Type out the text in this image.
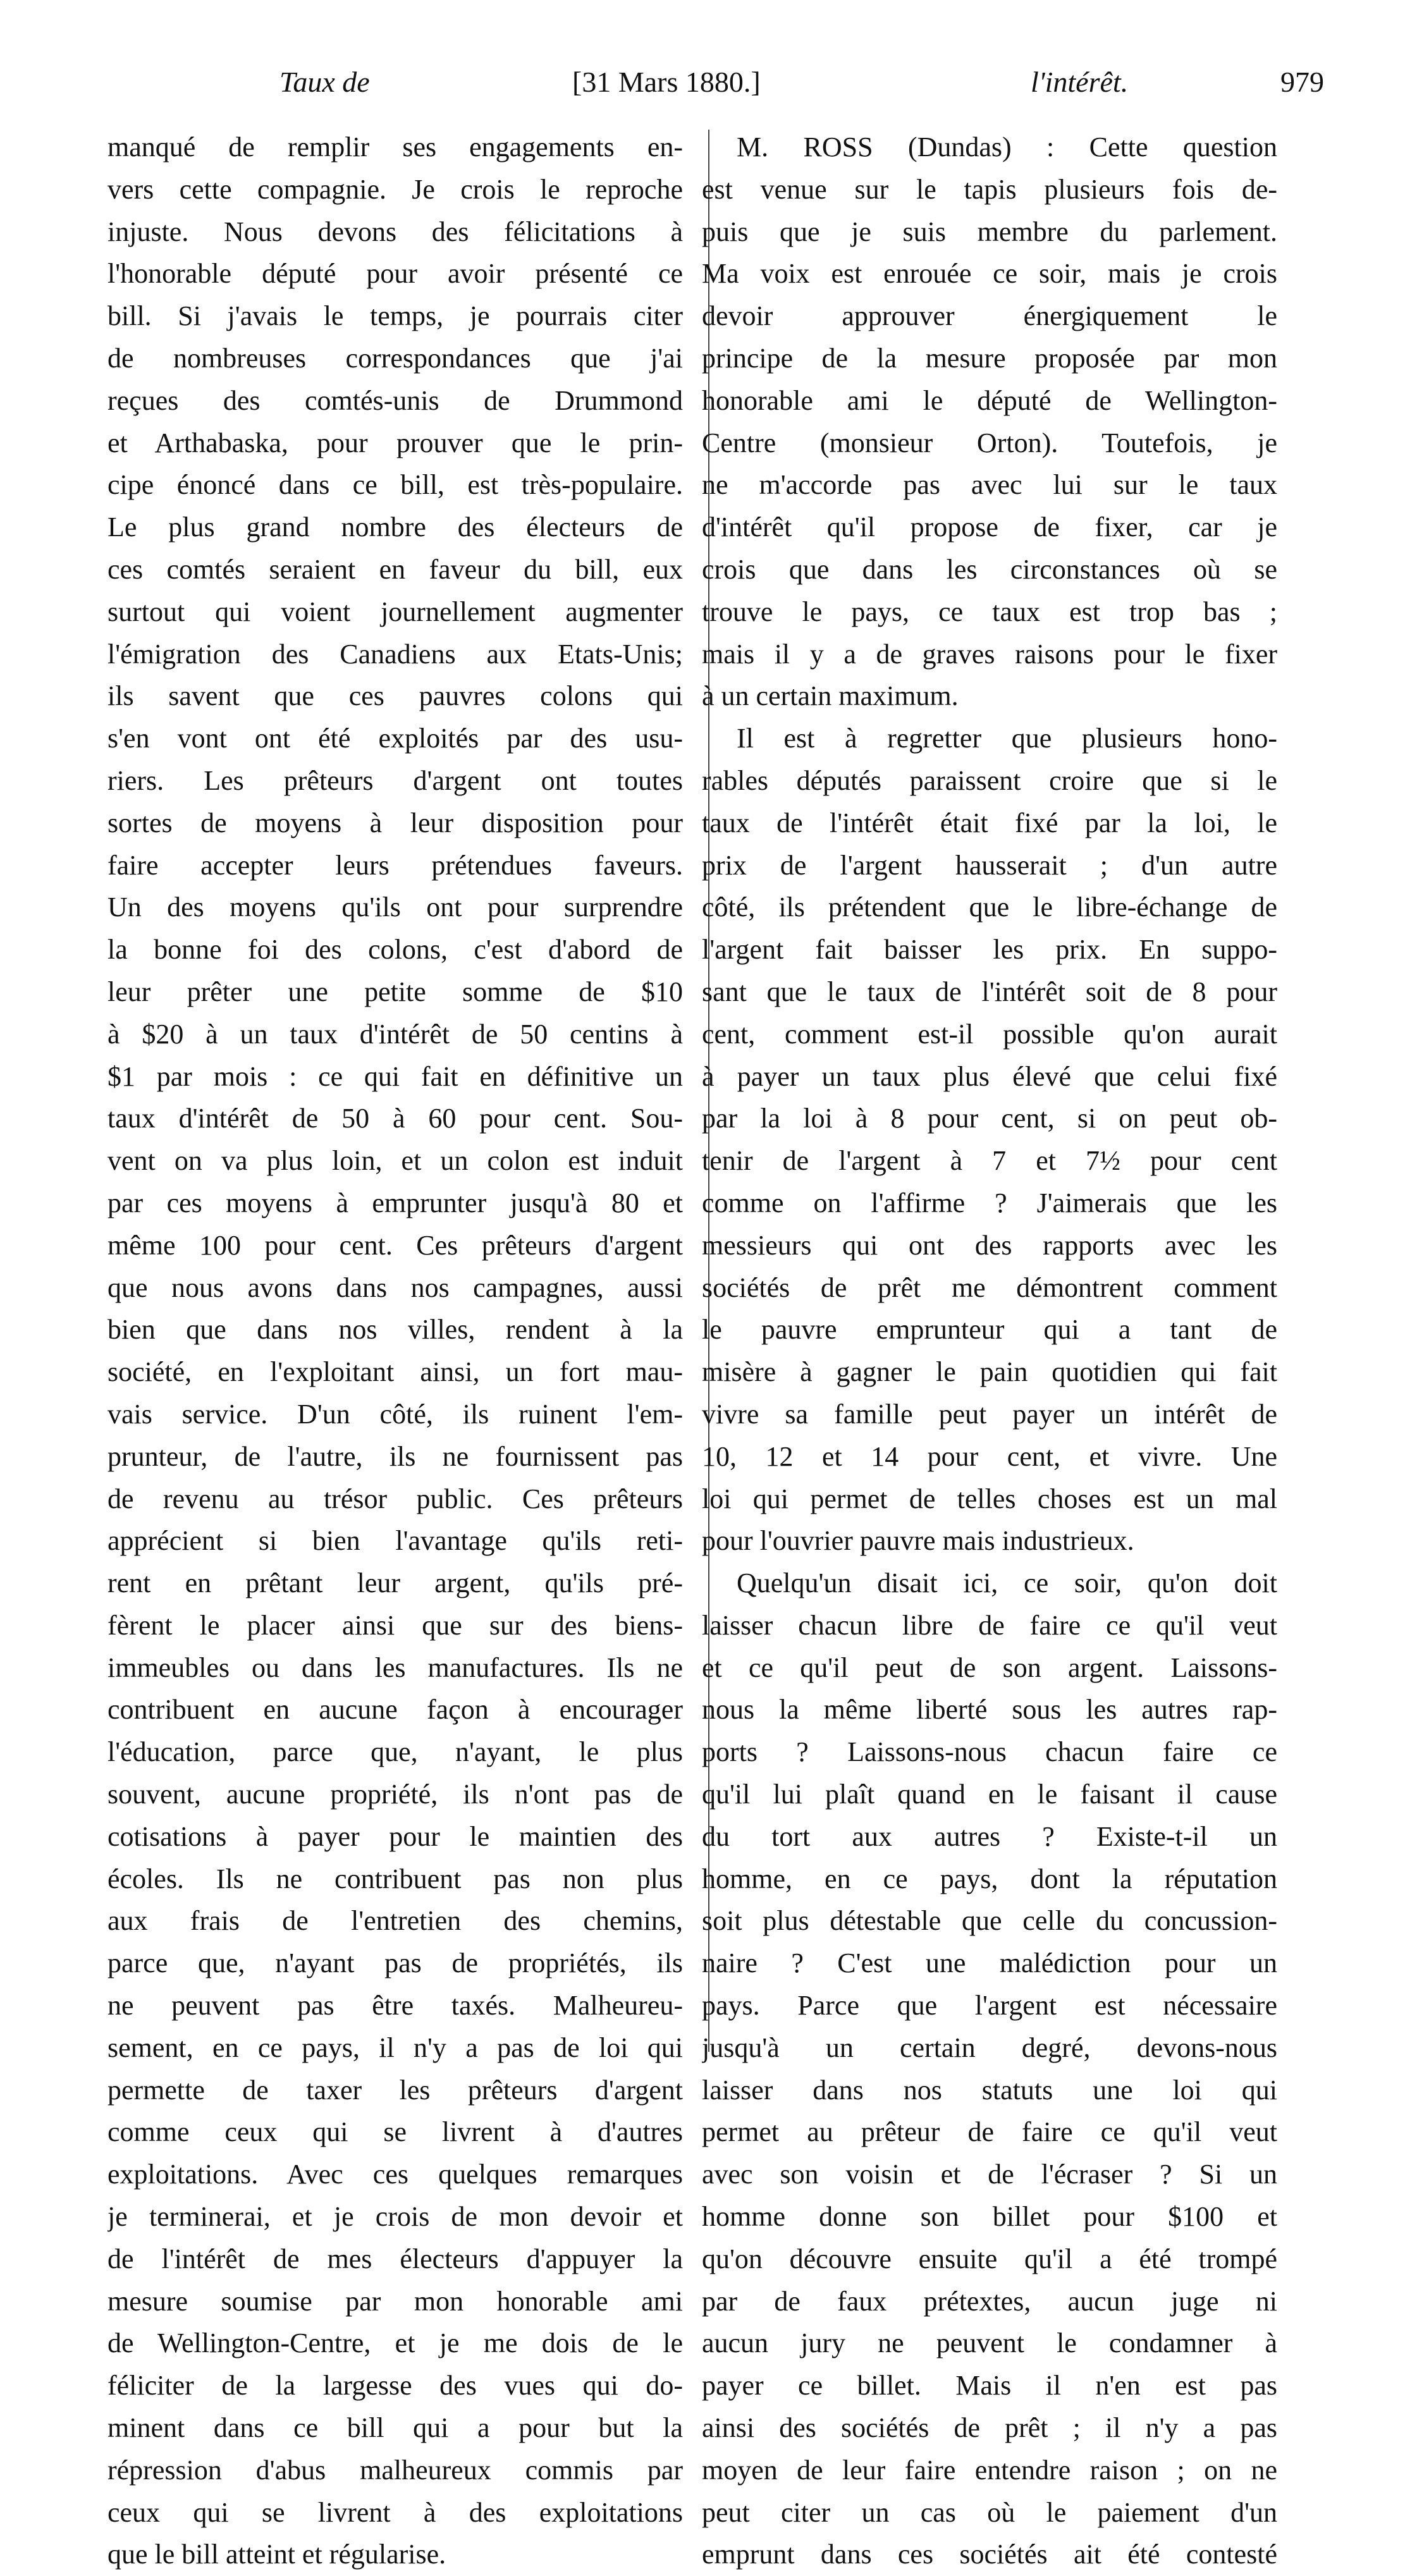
Taux de	[31 Mars 1880.]	l'intérêt.	979
manqué de remplir ses engagements en-
vers cette compagnie. Je crois le reproche
injuste. Nous devons des félicitations à
l'honorable député pour avoir présenté ce
bill. Si j'avais le temps, je pourrais citer
de nombreuses correspondances que j'ai
reçues des comtés-unis de Drummond
et Arthabaska, pour prouver que le prin-
cipe énoncé dans ce bill, est très-populaire.
Le plus grand nombre des électeurs de
ces comtés seraient en faveur du bill, eux
surtout qui voient journellement augmenter
l'émigration des Canadiens aux Etats-Unis;
ils savent que ces pauvres colons qui
s'en vont ont été exploités par des usu-
riers. Les prêteurs d'argent ont toutes
sortes de moyens à leur disposition pour
faire accepter leurs prétendues faveurs.
Un des moyens qu'ils ont pour surprendre
la bonne foi des colons, c'est d'abord de
leur prêter une petite somme de $10
à $20 à un taux d'intérêt de 50 centins à
$1 par mois : ce qui fait en définitive un
taux d'intérêt de 50 à 60 pour cent. Sou-
vent on va plus loin, et un colon est induit
par ces moyens à emprunter jusqu'à 80 et
même 100 pour cent. Ces prêteurs d'argent
que nous avons dans nos campagnes, aussi
bien que dans nos villes, rendent à la
société, en l'exploitant ainsi, un fort mau-
vais service. D'un côté, ils ruinent l'em-
prunteur, de l'autre, ils ne fournissent pas
de revenu au trésor public. Ces prêteurs
apprécient si bien l'avantage qu'ils reti-
rent en prêtant leur argent, qu'ils pré-
fèrent le placer ainsi que sur des biens-
immeubles ou dans les manufactures. Ils ne
contribuent en aucune façon à encourager
l'éducation, parce que, n'ayant, le plus
souvent, aucune propriété, ils n'ont pas de
cotisations à payer pour le maintien des
écoles. Ils ne contribuent pas non plus
aux frais de l'entretien des chemins,
parce que, n'ayant pas de propriétés, ils
ne peuvent pas être taxés. Malheureu-
sement, en ce pays, il n'y a pas de loi qui
permette de taxer les prêteurs d'argent
comme ceux qui se livrent à d'autres
exploitations. Avec ces quelques remarques
je terminerai, et je crois de mon devoir et
de l'intérêt de mes électeurs d'appuyer la
mesure soumise par mon honorable ami
de Wellington-Centre, et je me dois de le
féliciter de la largesse des vues qui do-
minent dans ce bill qui a pour but la
répression d'abus malheureux commis par
ceux qui se livrent à des exploitations
que le bill atteint et régularise.
M. ROSS (Dundas) : Cette question
est venue sur le tapis plusieurs fois de-
puis que je suis membre du parlement.
Ma voix est enrouée ce soir, mais je crois
devoir approuver énergiquement le
principe de la mesure proposée par mon
honorable ami le député de Wellington-
Centre (monsieur Orton). Toutefois, je
ne m'accorde pas avec lui sur le taux
d'intérêt qu'il propose de fixer, car je
crois que dans les circonstances où se
trouve le pays, ce taux est trop bas ;
mais il y a de graves raisons pour le fixer
à un certain maximum.
Il est à regretter que plusieurs hono-
rables députés paraissent croire que si le
taux de l'intérêt était fixé par la loi, le
prix de l'argent hausserait ; d'un autre
côté, ils prétendent que le libre-échange de
l'argent fait baisser les prix. En suppo-
sant que le taux de l'intérêt soit de 8 pour
cent, comment est-il possible qu'on aurait
à payer un taux plus élevé que celui fixé
par la loi à 8 pour cent, si on peut ob-
tenir de l'argent à 7 et 7½ pour cent
comme on l'affirme ? J'aimerais que les
messieurs qui ont des rapports avec les
sociétés de prêt me démontrent comment
le pauvre emprunteur qui a tant de
misère à gagner le pain quotidien qui fait
vivre sa famille peut payer un intérêt de
10, 12 et 14 pour cent, et vivre. Une
loi qui permet de telles choses est un mal
pour l'ouvrier pauvre mais industrieux.
Quelqu'un disait ici, ce soir, qu'on doit
laisser chacun libre de faire ce qu'il veut
et ce qu'il peut de son argent. Laissons-
nous la même liberté sous les autres rap-
ports ? Laissons-nous chacun faire ce
qu'il lui plaît quand en le faisant il cause
du tort aux autres ? Existe-t-il un
homme, en ce pays, dont la réputation
soit plus détestable que celle du concussion-
naire ? C'est une malédiction pour un
pays. Parce que l'argent est nécessaire
jusqu'à un certain degré, devons-nous
laisser dans nos statuts une loi qui
permet au prêteur de faire ce qu'il veut
avec son voisin et de l'écraser ? Si un
homme donne son billet pour $100 et
qu'on découvre ensuite qu'il a été trompé
par de faux prétextes, aucun juge ni
aucun jury ne peuvent le condamner à
payer ce billet. Mais il n'en est pas
ainsi des sociétés de prêt ; il n'y a pas
moyen de leur faire entendre raison ; on ne
peut citer un cas où le paiement d'un
emprunt dans ces sociétés ait été contesté
